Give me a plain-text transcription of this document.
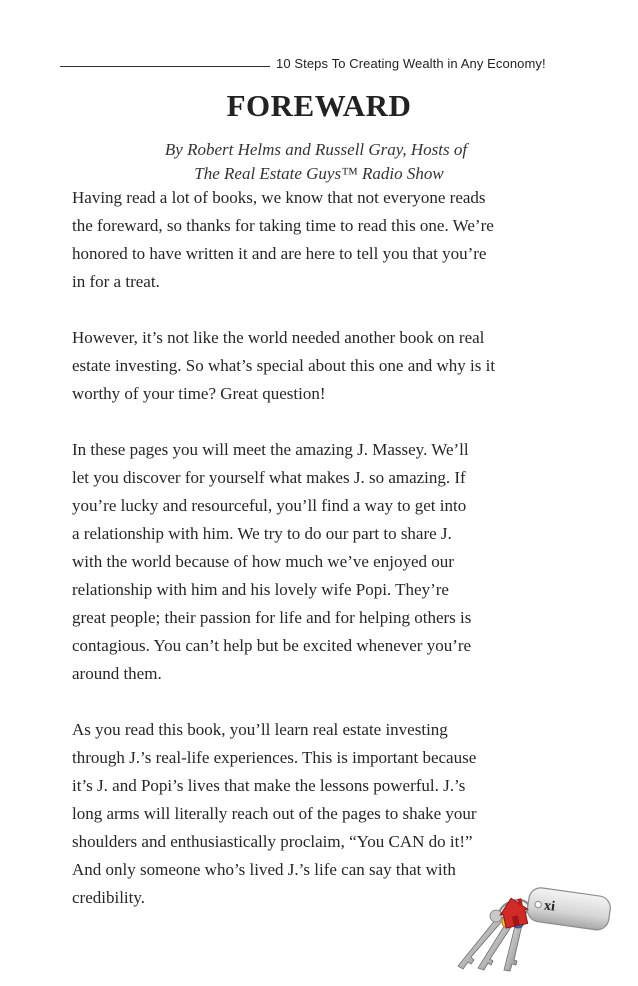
10 Steps To Creating Wealth in Any Economy!
FOREWARD
By Robert Helms and Russell Gray, Hosts of
The Real Estate Guys™ Radio Show

Having read a lot of books, we know that not everyone reads
the foreward, so thanks for taking time to read this one. We’re
honored to have written it and are here to tell you that you’re
in for a treat.

However, it’s not like the world needed another book on real
estate investing. So what’s special about this one and why is it
worthy of your time? Great question!

In these pages you will meet the amazing J. Massey. We’ll
let you discover for yourself what makes J. so amazing. If
you’re lucky and resourceful, you’ll find a way to get into
a relationship with him. We try to do our part to share J.
with the world because of how much we’ve enjoyed our
relationship with him and his lovely wife Popi. They’re
great people; their passion for life and for helping others is
contagious. You can’t help but be excited whenever you’re
around them.

As you read this book, you’ll learn real estate investing
through J.’s real-life experiences. This is important because
it’s J. and Popi’s lives that make the lessons powerful. J.’s
long arms will literally reach out of the pages to shake your
shoulders and enthusiastically proclaim, “You CAN do it!”
And only someone who’s lived J.’s life can say that with
credibility.	xi
